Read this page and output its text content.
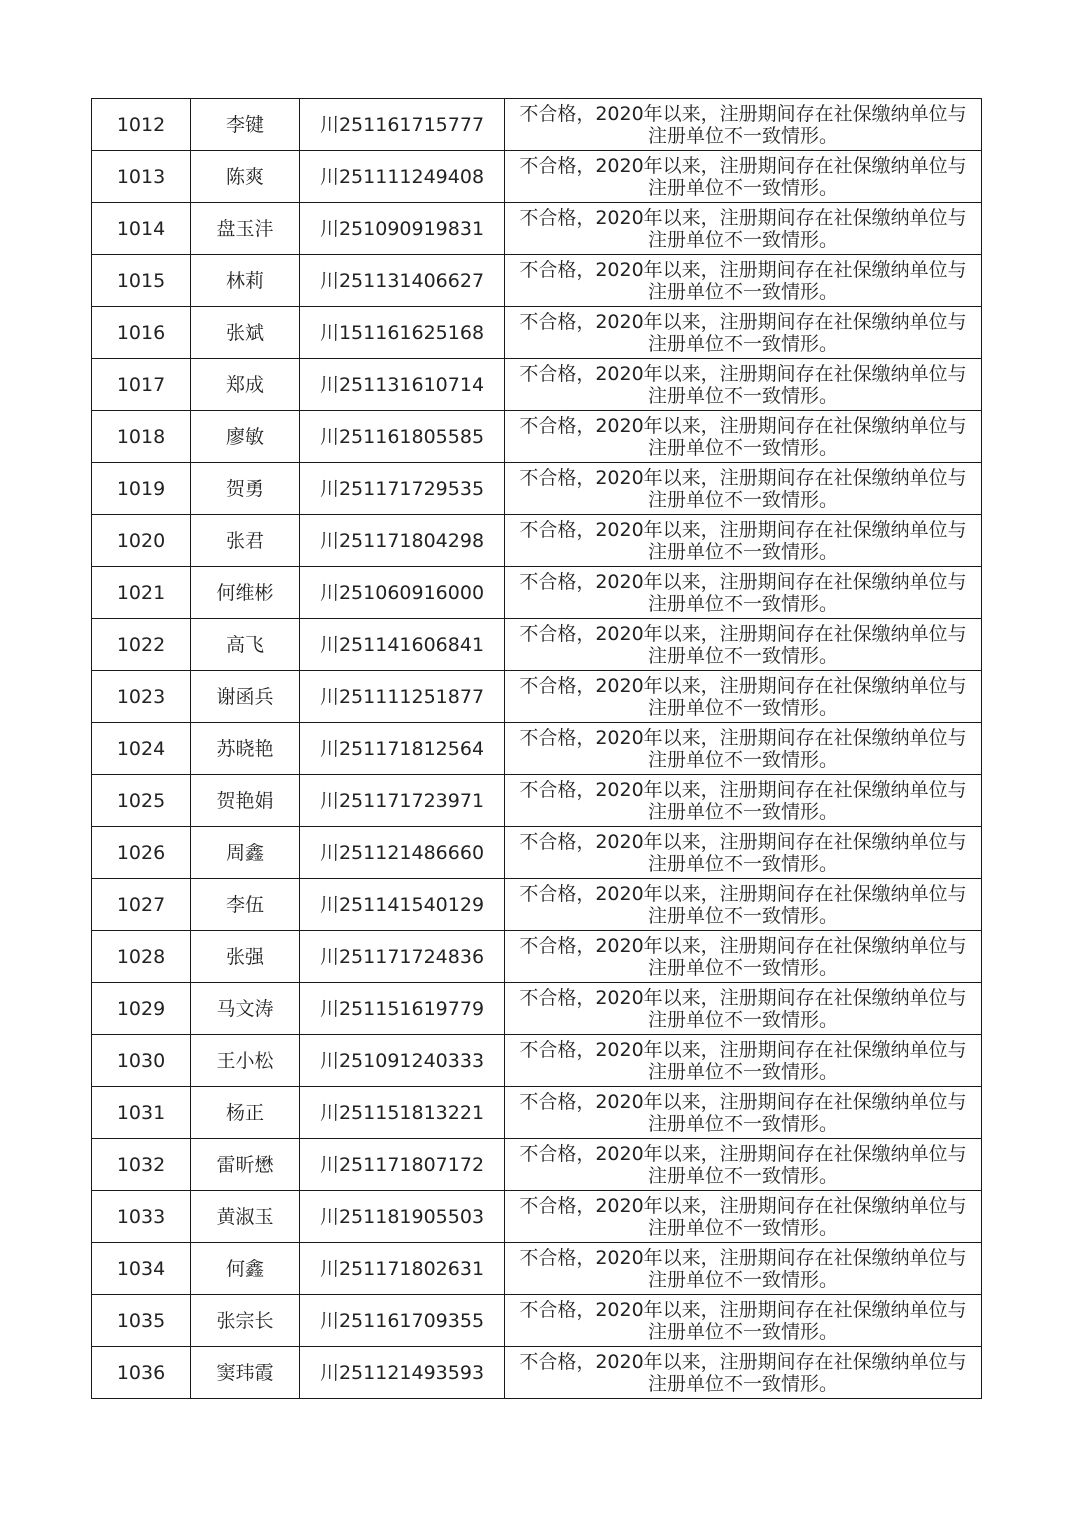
1012	李键	川251161715777	不合格，2020年以来，注册期间存在社保缴纳单位与
注册单位不一致情形。

1013	陈爽	川251111249408	不合格，2020年以来，注册期间存在社保缴纳单位与
注册单位不一致情形。

1014	盘玉沣	川251090919831	不合格，2020年以来，注册期间存在社保缴纳单位与
注册单位不一致情形。

1015	林莉	川251131406627	不合格，2020年以来，注册期间存在社保缴纳单位与
注册单位不一致情形。

1016	张斌	川151161625168	不合格，2020年以来，注册期间存在社保缴纳单位与
注册单位不一致情形。

1017	郑成	川251131610714	不合格，2020年以来，注册期间存在社保缴纳单位与
注册单位不一致情形。

1018	廖敏	川251161805585	不合格，2020年以来，注册期间存在社保缴纳单位与
注册单位不一致情形。

1019	贺勇	川251171729535	不合格，2020年以来，注册期间存在社保缴纳单位与
注册单位不一致情形。

1020	张君	川251171804298	不合格，2020年以来，注册期间存在社保缴纳单位与
注册单位不一致情形。

1021	何维彬	川251060916000	不合格，2020年以来，注册期间存在社保缴纳单位与
注册单位不一致情形。

1022	高飞	川251141606841	不合格，2020年以来，注册期间存在社保缴纳单位与
注册单位不一致情形。

1023	谢函兵	川251111251877	不合格，2020年以来，注册期间存在社保缴纳单位与
注册单位不一致情形。

1024	苏晓艳	川251171812564	不合格，2020年以来，注册期间存在社保缴纳单位与
注册单位不一致情形。

1025	贺艳娟	川251171723971	不合格，2020年以来，注册期间存在社保缴纳单位与
注册单位不一致情形。

1026	周鑫	川251121486660	不合格，2020年以来，注册期间存在社保缴纳单位与
注册单位不一致情形。

1027	李伍	川251141540129	不合格，2020年以来，注册期间存在社保缴纳单位与
注册单位不一致情形。

1028	张强	川251171724836	不合格，2020年以来，注册期间存在社保缴纳单位与
注册单位不一致情形。

1029	马文涛	川251151619779	不合格，2020年以来，注册期间存在社保缴纳单位与
注册单位不一致情形。

1030	王小松	川251091240333	不合格，2020年以来，注册期间存在社保缴纳单位与
注册单位不一致情形。

1031	杨正	川251151813221	不合格，2020年以来，注册期间存在社保缴纳单位与
注册单位不一致情形。

1032	雷昕懋	川251171807172	不合格，2020年以来，注册期间存在社保缴纳单位与
注册单位不一致情形。

1033	黄淑玉	川251181905503	不合格，2020年以来，注册期间存在社保缴纳单位与
注册单位不一致情形。

1034	何鑫	川251171802631	不合格，2020年以来，注册期间存在社保缴纳单位与
注册单位不一致情形。

1035	张宗长	川251161709355	不合格，2020年以来，注册期间存在社保缴纳单位与
注册单位不一致情形。

1036	窦玮霞	川251121493593	不合格，2020年以来，注册期间存在社保缴纳单位与
注册单位不一致情形。
